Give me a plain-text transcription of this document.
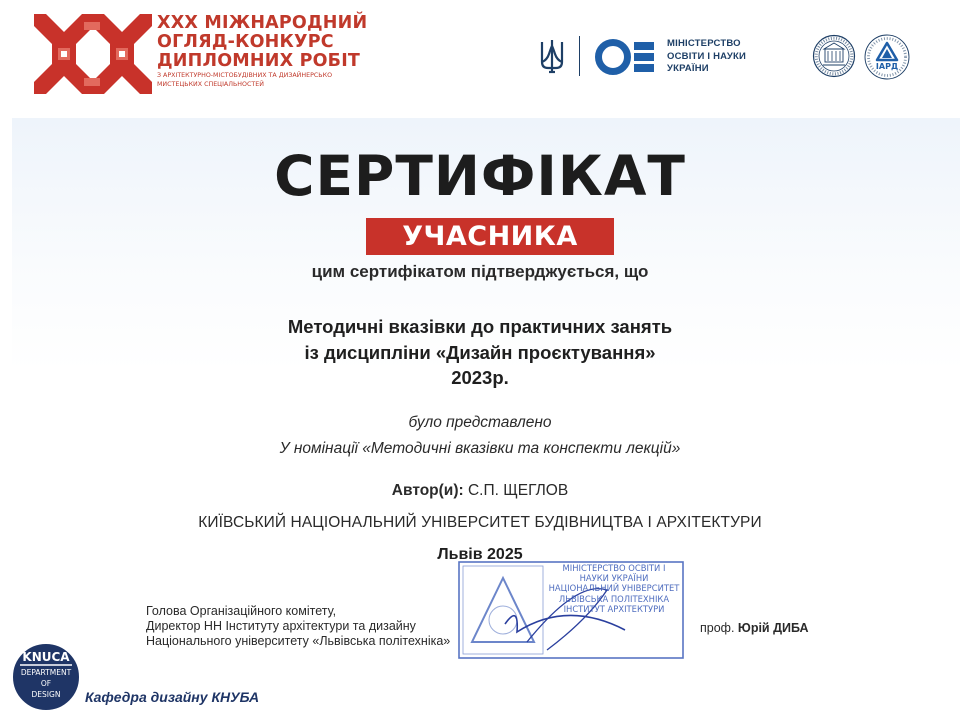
XXX МІЖНАРОДНИЙ
ОГЛЯД-КОНКУРС
ДИПЛОМНИХ РОБІТ
З АРХІТЕКТУРНО-МІСТОБУДІВНИХ ТА ДИЗАЙНЕРСЬКО
МИСТЕЦЬКИХ СПЕЦІАЛЬНОСТЕЙ
МІНІСТЕРСТВО
ОСВІТИ І НАУКИ
УКРАЇНИ	ІАРД
СЕРТИФІКАТ
УЧАСНИКА
цим сертифікатом підтверджується, що
Методичні вказівки до практичних занять
із дисципліни «Дизайн проєктування»
2023р.
було представлено
У номінації «Методичні вказівки та конспекти лекцій»
Автор(и): С.П. ЩЕГЛОВ
КИЇВСЬКИЙ НАЦІОНАЛЬНИЙ УНІВЕРСИТЕТ БУДІВНИЦТВА І АРХІТЕКТУРИ
Львів 2025
Голова Організаційного комітету,
Директор НН Інституту архітектури та дизайну
Національного університету «Львівська політехніка»
МІНІСТЕРСТВО ОСВІТИ І
НАУКИ УКРАЇНИ
НАЦІОНАЛЬНИЙ УНІВЕРСИТЕТ
ЛЬВІВСЬКА ПОЛІТЕХНІКА
ІНСТИТУТ АРХІТЕКТУРИ
проф. Юрій ДИБА
KNUCA
DEPARTMENT
OF
DESIGN	Кафедра дизайну КНУБА
